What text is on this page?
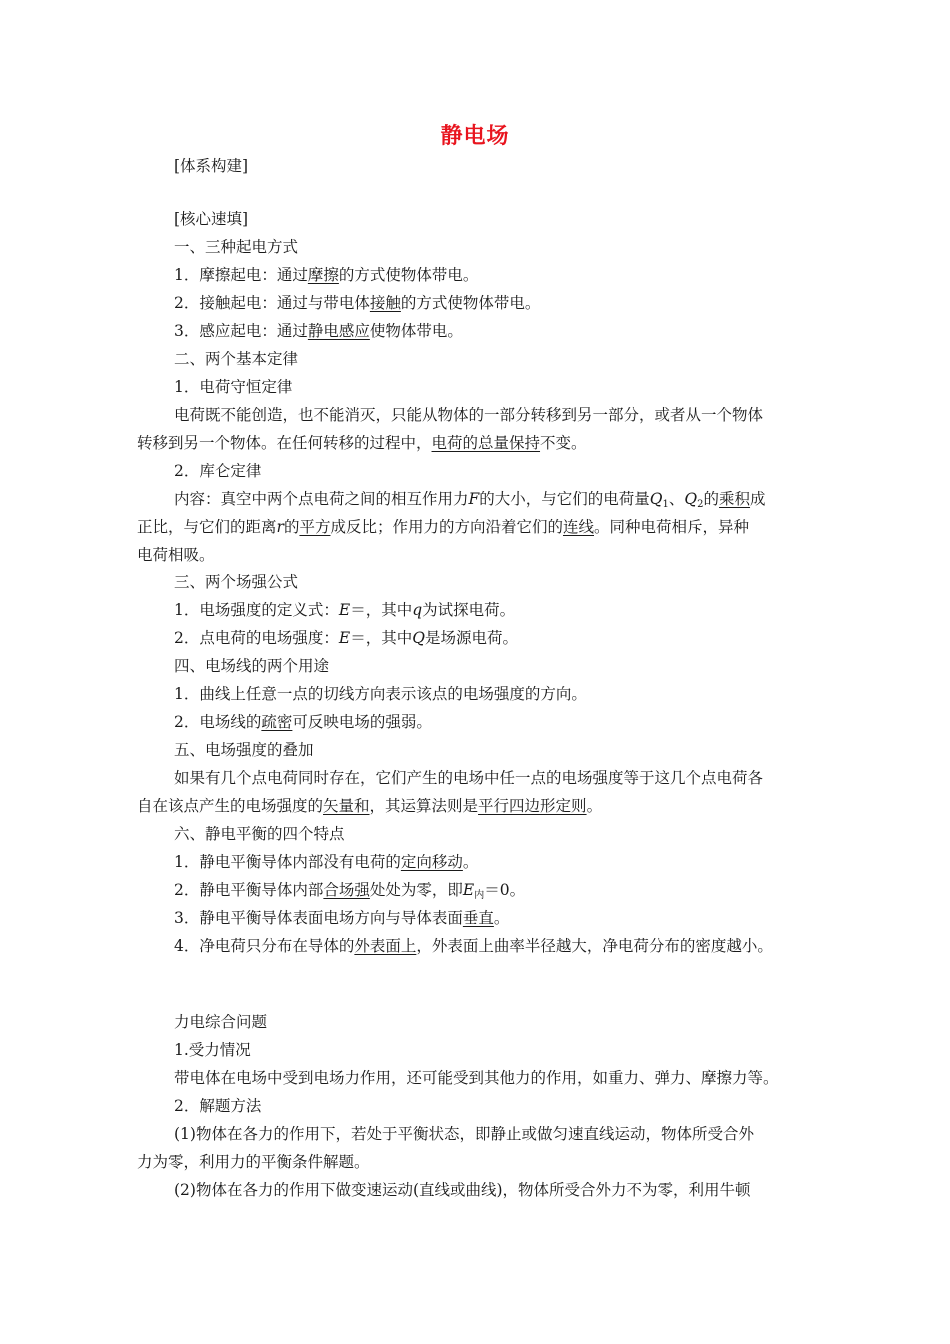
静电场
[体系构建]
[核心速填]
一、三种起电方式
1．摩擦起电：通过摩擦的方式使物体带电。
2．接触起电：通过与带电体接触的方式使物体带电。
3．感应起电：通过静电感应使物体带电。
二、两个基本定律
1．电荷守恒定律
电荷既不能创造，也不能消灭，只能从物体的一部分转移到另一部分，或者从一个物体
转移到另一个物体。在任何转移的过程中，电荷的总量保持不变。
2．库仑定律
内容：真空中两个点电荷之间的相互作用力F的大小，与它们的电荷量$Q_1$、$Q_2$的乘积成
正比，与它们的距离r的平方成反比；作用力的方向沿着它们的连线。同种电荷相斥，异种
电荷相吸。
三、两个场强公式
1．电场强度的定义式：E＝，其中q为试探电荷。
2．点电荷的电场强度：E＝，其中Q是场源电荷。
四、电场线的两个用途
1．曲线上任意一点的切线方向表示该点的电场强度的方向。
2．电场线的疏密可反映电场的强弱。
五、电场强度的叠加
如果有几个点电荷同时存在，它们产生的电场中任一点的电场强度等于这几个点电荷各
自在该点产生的电场强度的矢量和，其运算法则是平行四边形定则。
六、静电平衡的四个特点
1．静电平衡导体内部没有电荷的定向移动。
2．静电平衡导体内部合场强处处为零，即$E_内=0$。
3．静电平衡导体表面电场方向与导体表面垂直。
4．净电荷只分布在导体的外表面上，外表面上曲率半径越大，净电荷分布的密度越小。
力电综合问题
1.受力情况
带电体在电场中受到电场力作用，还可能受到其他力的作用，如重力、弹力、摩擦力等。
2．解题方法
(1)物体在各力的作用下，若处于平衡状态，即静止或做匀速直线运动，物体所受合外
力为零，利用力的平衡条件解题。
(2)物体在各力的作用下做变速运动(直线或曲线)，物体所受合外力不为零，利用牛顿
